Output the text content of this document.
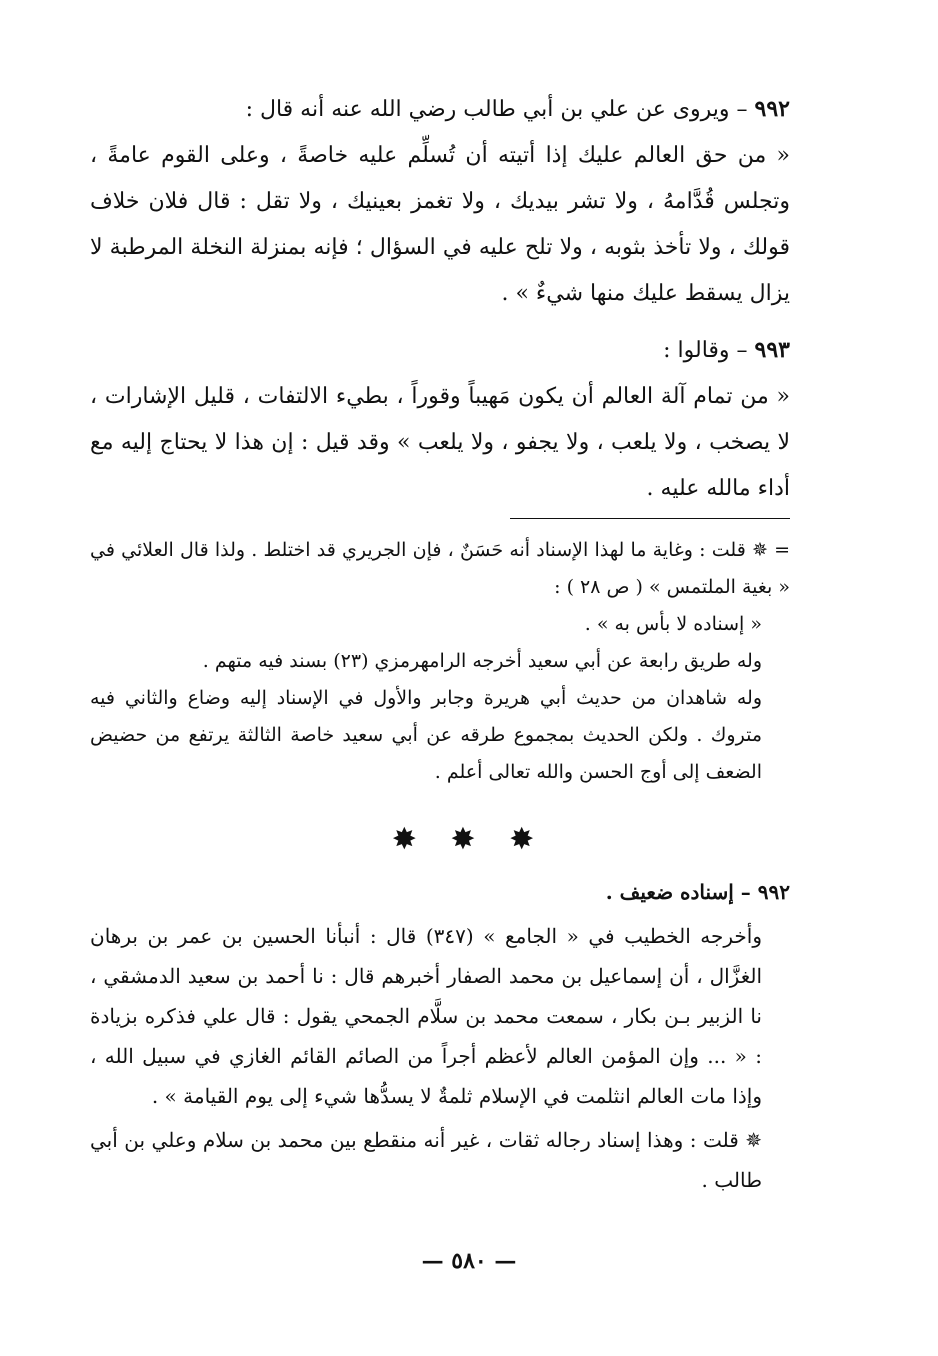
٩٩٢ – ويروى عن علي بن أبي طالب رضي الله عنه أنه قال :

« من حق العالم عليك إذا أتيته أن تُسلِّم عليه خاصةً ، وعلى القوم عامةً ، وتجلس قُدَّامهُ ، ولا تشر بيديك ، ولا تغمز بعينيك ، ولا تقل : قال فلان خلاف قولك ، ولا تأخذ بثوبه ، ولا تلح عليه في السؤال ؛ فإنه بمنزلة النخلة المرطبة لا يزال يسقط عليك منها شيءٌ » .

٩٩٣ – وقالوا :

« من تمام آلة العالم أن يكون مَهيباً وقوراً ، بطيء الالتفات ، قليل الإشارات ، لا يصخب ، ولا يلعب ، ولا يجفو ، ولا يلعب » وقد قيل : إن هذا لا يحتاج إليه مع أداء مالله عليه .

= ✵ قلت : وغاية ما لهذا الإسناد أنه حَسَنٌ ، فإن الجريري قد اختلط . ولذا قال العلائي في « بغية الملتمس » ( ص ٢٨ ) :

« إسناده لا بأس به » .

وله طريق رابعة عن أبي سعيد أخرجه الرامهرمزي (٢٣) بسند فيه متهم .

وله شاهدان من حديث أبي هريرة وجابر والأول في الإسناد إليه وضاع والثاني فيه متروك . ولكن الحديث بمجموع طرقه عن أبي سعيد خاصة الثالثة يرتفع من حضيض الضعف إلى أوج الحسن والله تعالى أعلم .

✸ ✸ ✸

٩٩٢ – إسناده ضعيف .

وأخرجه الخطيب في « الجامع » (٣٤٧) قال : أنبأنا الحسين بن عمر بن برهان الغزَّال ، أن إسماعيل بن محمد الصفار أخبرهم قال : نا أحمد بن سعيد الدمشقي ، نا الزبير بـن بكار ، سمعت محمد بن سلَّام الجمحي يقول : قال علي فذكره بزيادة : « ... وإن المؤمن العالم لأعظم أجراً من الصائم القائم الغازي في سبيل الله ، وإذا مات العالم انثلمت في الإسلام ثلمةٌ لا يسدُّها شيء إلى يوم القيامة » .

✵ قلت : وهذا إسناد رجاله ثقات ، غير أنه منقطع بين محمد بن سلام وعلي بن أبي طالب .

— ٥٨٠ —
